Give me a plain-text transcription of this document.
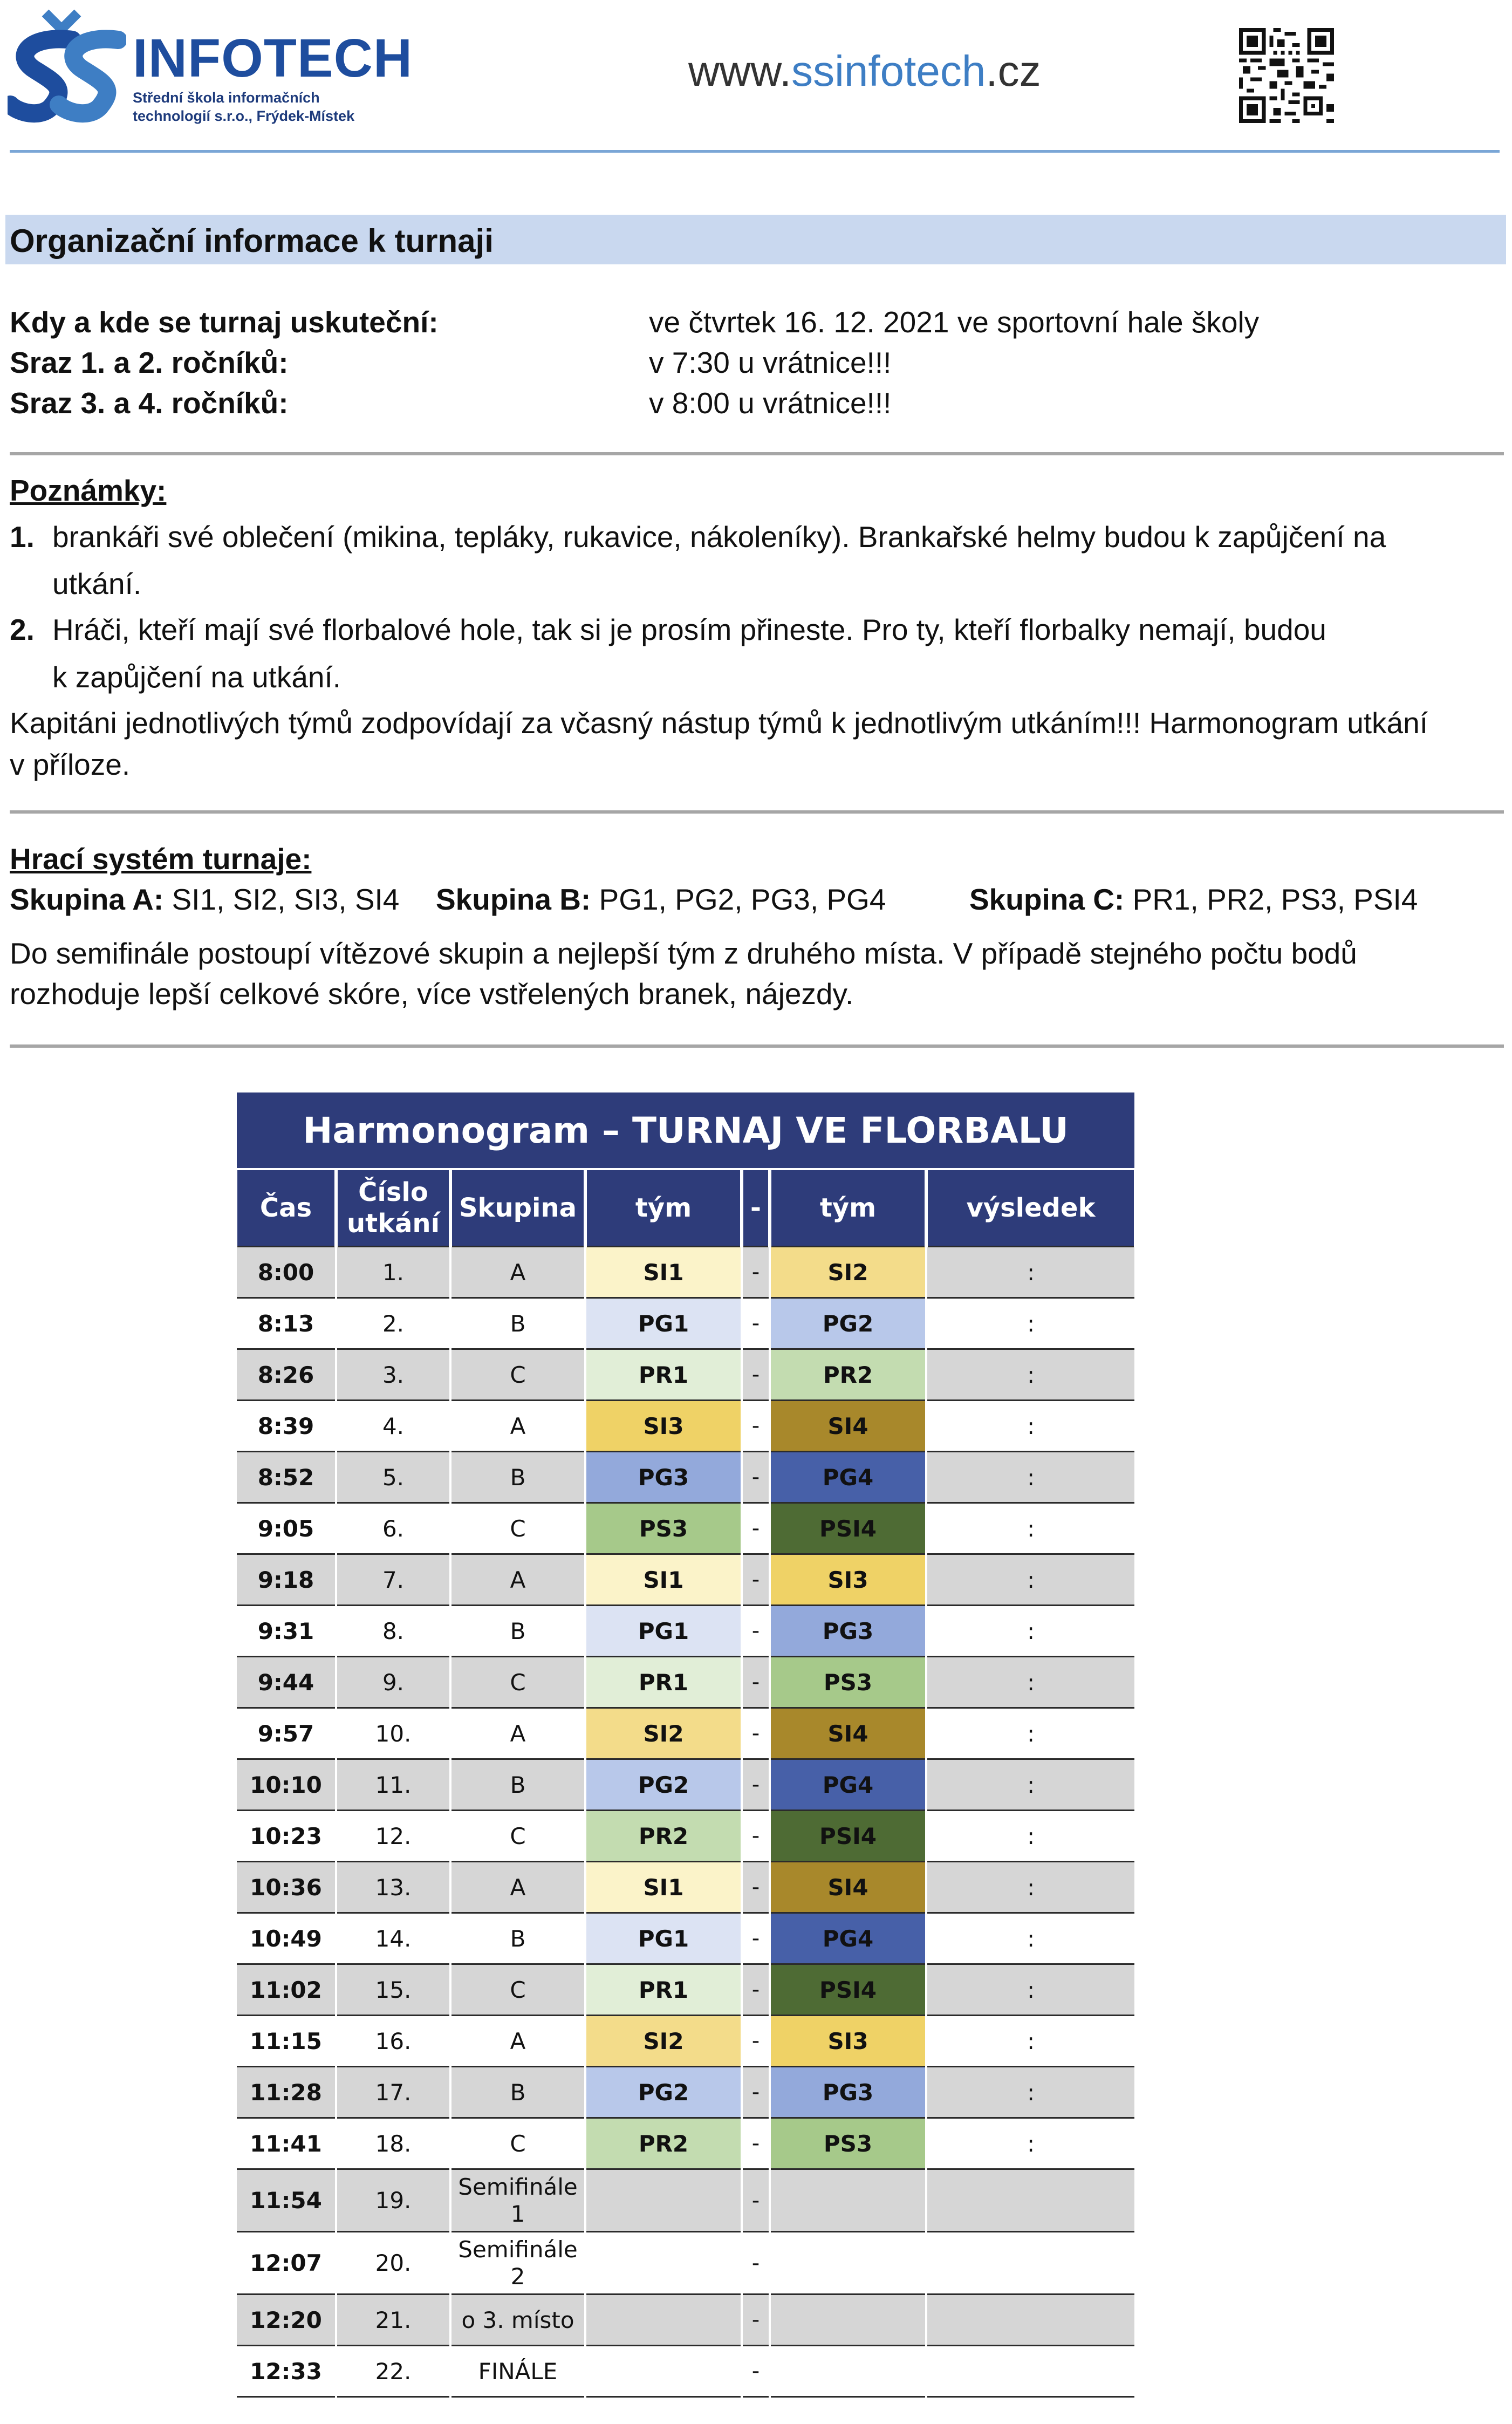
INFOTECH
Střední škola informačních
technologií s.r.o., Frýdek-Místek
www.ssinfotech.cz
Organizační informace k turnaji
Kdy a kde se turnaj uskuteční:	ve čtvrtek 16. 12. 2021 ve sportovní hale školy
Sraz 1. a 2. ročníků:	v 7:30 u vrátnice!!!
Sraz 3. a 4. ročníků:	v 8:00 u vrátnice!!!
Poznámky:
1. brankáři své oblečení (mikina, tepláky, rukavice, nákoleníky). Brankařské helmy budou k zapůjčení na
utkání.
2. Hráči, kteří mají své florbalové hole, tak si je prosím přineste. Pro ty, kteří florbalky nemají, budou
k zapůjčení na utkání.
Kapitáni jednotlivých týmů zodpovídají za včasný nástup týmů k jednotlivým utkáním!!! Harmonogram utkání
v příloze.
Hrací systém turnaje:
Skupina A: SI1, SI2, SI3, SI4 Skupina B: PG1, PG2, PG3, PG4	Skupina C: PR1, PR2, PS3, PSI4
Do semifinále postoupí vítězové skupin a nejlepší tým z druhého místa. V případě stejného počtu bodů
rozhoduje lepší celkové skóre, více vstřelených branek, nájezdy.
Harmonogram – TURNAJ VE FLORBALU						
Čas	Číslo utkání	Skupina	tým	-	tým	výsledek
8:00	1.	A	SI1	-	SI2	:
8:13	2.	B	PG1	-	PG2	:
8:26	3.	C	PR1	-	PR2	:
8:39	4.	A	SI3	-	SI4	:
8:52	5.	B	PG3	-	PG4	:
9:05	6.	C	PS3	-	PSI4	:
9:18	7.	A	SI1	-	SI3	:
9:31	8.	B	PG1	-	PG3	:
9:44	9.	C	PR1	-	PS3	:
9:57	10.	A	SI2	-	SI4	:
10:10	11.	B	PG2	-	PG4	:
10:23	12.	C	PR2	-	PSI4	:
10:36	13.	A	SI1	-	SI4	:
10:49	14.	B	PG1	-	PG4	:
11:02	15.	C	PR1	-	PSI4	:
11:15	16.	A	SI2	-	SI3	:
11:28	17.	B	PG2	-	PG3	:
11:41	18.	C	PR2	-	PS3	:
11:54	19.	Semifinále 1		-		
12:07	20.	Semifinále 2		-		
12:20	21.	o 3. místo		-		
12:33	22.	FINÁLE		-		
